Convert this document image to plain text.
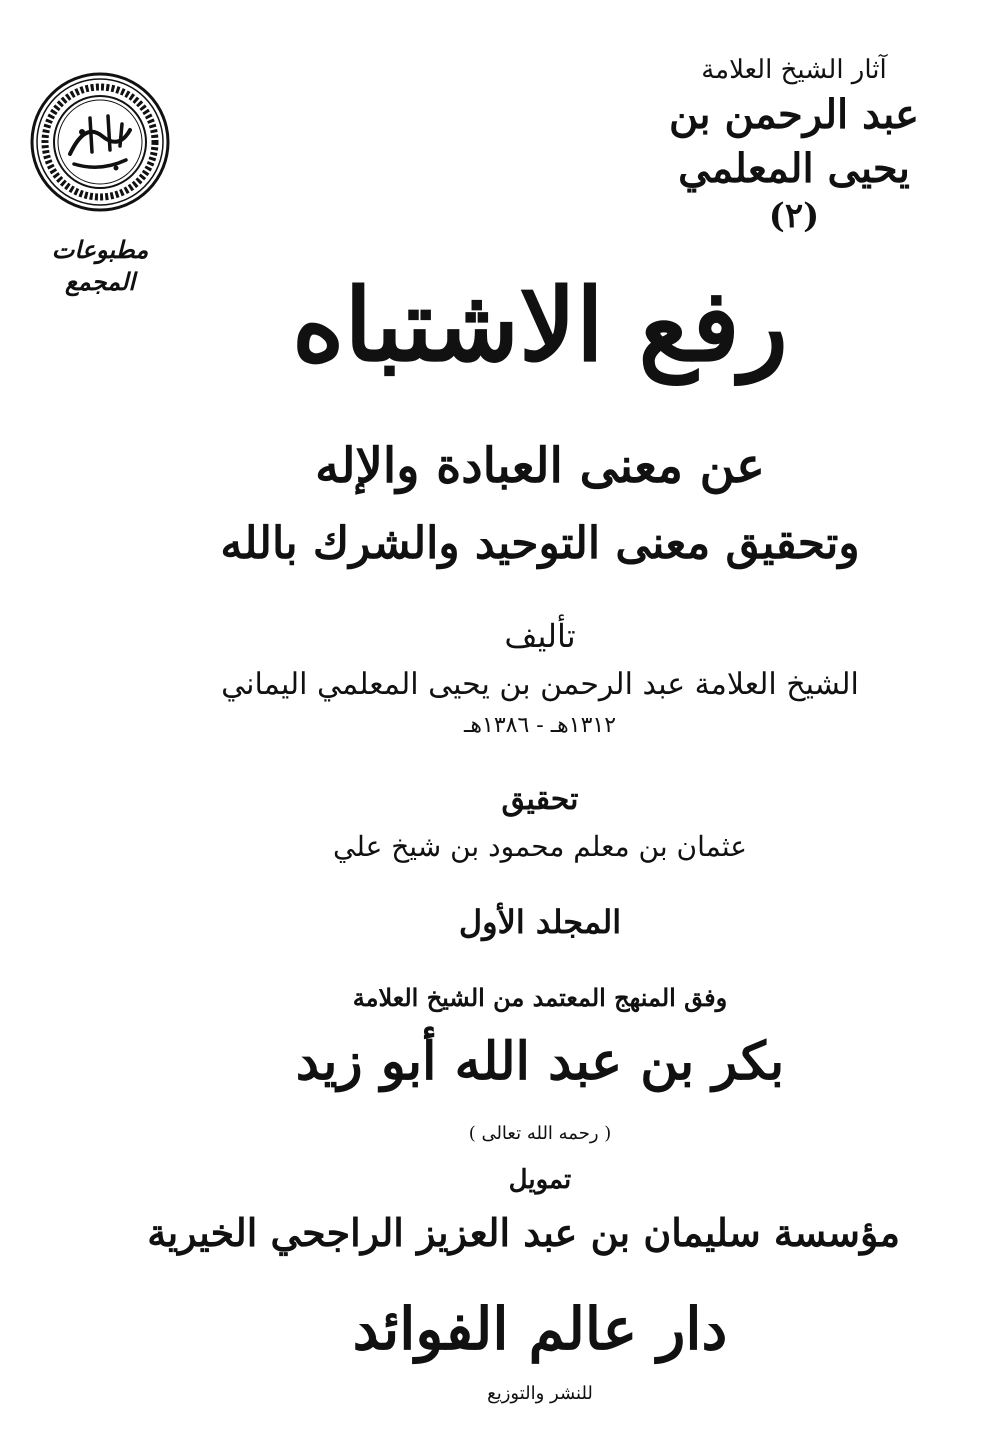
آثار الشيخ العلامة
عبد الرحمن بن يحيى المعلمي
(٢)
مطبوعات المجمع	رفع الاشتباه
عن معنى العبادة والإله
وتحقيق معنى التوحيد والشرك بالله
تأليف
الشيخ العلامة عبد الرحمن بن يحيى المعلمي اليماني
١٣١٢هـ - ١٣٨٦هـ
تحقيق
عثمان بن معلم محمود بن شيخ علي
المجلد الأول
وفق المنهج المعتمد من الشيخ العلامة
بكر بن عبد الله أبو زيد
( رحمه الله تعالى )
تمويل
مؤسسة سليمان بن عبد العزيز الراجحي الخيرية
دار عالم الفوائد
للنشر والتوزيع
